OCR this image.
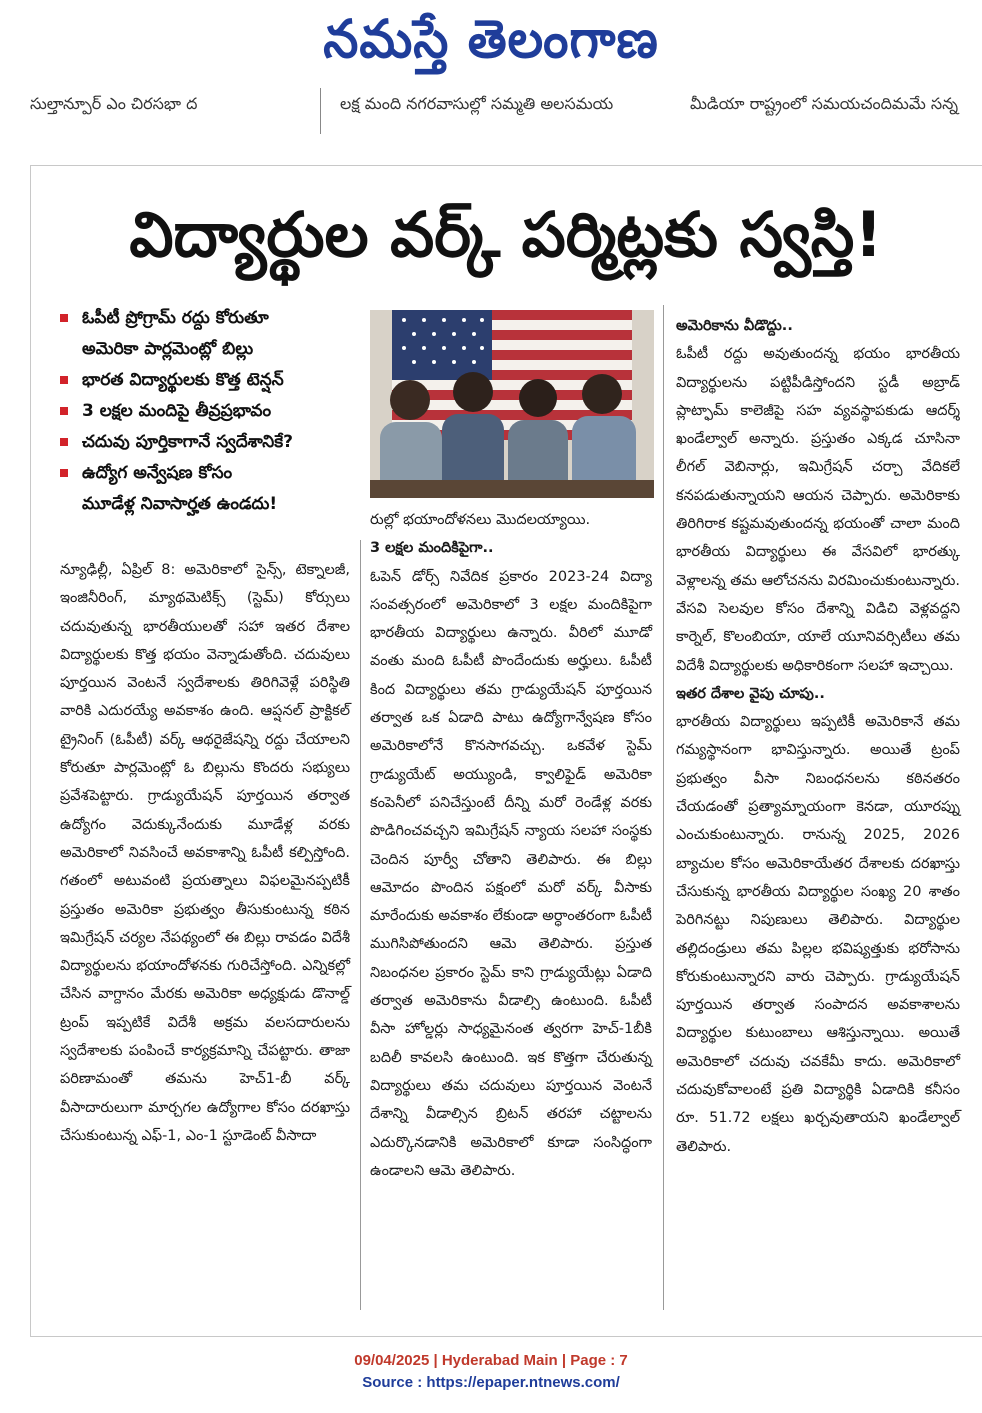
నమస్తే తెలంగాణ
సుల్తాన్పూర్ ఎం చిరసభా ద	లక్ష మంది నగరవాసుల్లో సమ్మతి అలసమయ	మీడియా రాష్ట్రంలో సమయచందిమమే సన్న
విద్యార్థుల వర్క్ పర్మిట్లకు స్వస్తి!
ఓపీటీ ప్రోగ్రామ్ రద్దు కోరుతూ
అమెరికా పార్లమెంట్లో బిల్లు
భారత విద్యార్థులకు కొత్త టెన్షన్
3 లక్షల మందిపై తీవ్రప్రభావం
చదువు పూర్తికాగానే స్వదేశానికే?
ఉద్యోగ అన్వేషణ కోసం
మూడేళ్ల నివాసార్హత ఉండదు!

న్యూఢిల్లీ, ఏప్రిల్ 8: అమెరికాలో సైన్స్, టెక్నాలజీ, ఇంజినీరింగ్, మ్యాథమెటిక్స్ (స్టెమ్) కోర్సులు చదువుతున్న భారతీయులతో సహా ఇతర దేశాల విద్యార్థులకు కొత్త భయం వెన్నాడుతోంది. చదువులు పూర్తయిన వెంటనే స్వదేశాలకు తిరిగివెళ్లే పరిస్థితి వారికి ఎదురయ్యే అవకాశం ఉంది. ఆప్షనల్ ప్రాక్టికల్ ట్రైనింగ్ (ఓపీటీ) వర్క్ ఆథరైజేషన్ని రద్దు చేయాలని కోరుతూ పార్లమెంట్లో ఓ బిల్లును కొందరు సభ్యులు ప్రవేశపెట్టారు. గ్రాడ్యుయేషన్ పూర్తయిన తర్వాత ఉద్యోగం వెదుక్కునేందుకు మూడేళ్ల వరకు అమెరికాలో నివసించే అవకాశాన్ని ఓపీటీ కల్పిస్తోంది. గతంలో అటువంటి ప్రయత్నాలు విఫలమైనప్పటికీ ప్రస్తుతం అమెరికా ప్రభుత్వం తీసుకుంటున్న కఠిన ఇమిగ్రేషన్ చర్యల నేపథ్యంలో ఈ బిల్లు రావడం విదేశీ విద్యార్థులను భయాందోళనకు గురిచేస్తోంది. ఎన్నికల్లో చేసిన వాగ్దానం మేరకు అమెరికా అధ్యక్షుడు డొనాల్డ్ ట్రంప్ ఇప్పటికే విదేశీ అక్రమ వలసదారులను స్వదేశాలకు పంపించే కార్యక్రమాన్ని చేపట్టారు. తాజా పరిణామంతో తమను హెచ్1-బీ వర్క్ వీసాదారులుగా మార్చగల ఉద్యోగాల కోసం దరఖాస్తు చేసుకుంటున్న ఎఫ్-1, ఎం-1 స్టూడెంట్ వీసాదా

రుల్లో భయాందోళనలు మొదలయ్యాయి.

3 లక్షల మందికిపైగా..

ఓపెన్ డోర్స్ నివేదిక ప్రకారం 2023-24 విద్యా సంవత్సరంలో అమెరికాలో 3 లక్షల మందికిపైగా భారతీయ విద్యార్థులు ఉన్నారు. వీరిలో మూడో వంతు మంది ఓపీటీ పొందేందుకు అర్హులు. ఓపీటీ కింద విద్యార్థులు తమ గ్రాడ్యుయేషన్ పూర్తయిన తర్వాత ఒక ఏడాది పాటు ఉద్యోగాన్వేషణ కోసం అమెరికాలోనే కొనసాగవచ్చు. ఒకవేళ స్టెమ్ గ్రాడ్యుయేట్ అయ్యుండి, క్వాలిఫైడ్ అమెరికా కంపెనీలో పనిచేస్తుంటే దీన్ని మరో రెండేళ్ల వరకు పొడిగించవచ్చని ఇమిగ్రేషన్ న్యాయ సలహా సంస్థకు చెందిన పూర్వీ చోతాని తెలిపారు. ఈ బిల్లు ఆమోదం పొందిన పక్షంలో మరో వర్క్ వీసాకు మారేందుకు అవకాశం లేకుండా అర్ధాంతరంగా ఓపీటీ ముగిసిపోతుందని ఆమె తెలిపారు. ప్రస్తుత నిబంధనల ప్రకారం స్టెమ్ కాని గ్రాడ్యుయేట్లు ఏడాది తర్వాత అమెరికాను వీడాల్సి ఉంటుంది. ఓపీటీ వీసా హోల్డర్లు సాధ్యమైనంత త్వరగా హెచ్-1బీకి బదిలీ కావలసి ఉంటుంది. ఇక కొత్తగా చేరుతున్న విద్యార్థులు తమ చదువులు పూర్తయిన వెంటనే దేశాన్ని వీడాల్సిన బ్రిటన్ తరహా చట్టాలను ఎదుర్కొనడానికి అమెరికాలో కూడా సంసిద్ధంగా ఉండాలని ఆమె తెలిపారు.

అమెరికాను వీడొద్దు..

ఓపీటీ రద్దు అవుతుందన్న భయం భారతీయ విద్యార్థులను పట్టిపీడిస్తోందని స్టడీ అబ్రాడ్ ప్లాట్ఫామ్ కాలెజీపై సహ వ్యవస్థాపకుడు ఆదర్శ్ ఖండేల్వాల్ అన్నారు. ప్రస్తుతం ఎక్కడ చూసినా లీగల్ వెబినార్లు, ఇమిగ్రేషన్ చర్చా వేదికలే కనపడుతున్నాయని ఆయన చెప్పారు. అమెరికాకు తిరిగిరాక కష్టమవుతుందన్న భయంతో చాలా మంది భారతీయ విద్యార్థులు ఈ వేసవిలో భారత్కు వెళ్లాలన్న తమ ఆలోచనను విరమించుకుంటున్నారు. వేసవి సెలవుల కోసం దేశాన్ని విడిచి వెళ్లవద్దని కార్నెల్, కొలంబియా, యాలే యూనివర్సిటీలు తమ విదేశీ విద్యార్థులకు అధికారికంగా సలహా ఇచ్చాయి.

ఇతర దేశాల వైపు చూపు..

భారతీయ విద్యార్థులు ఇప్పటికీ అమెరికానే తమ గమ్యస్థానంగా భావిస్తున్నారు. అయితే ట్రంప్ ప్రభుత్వం వీసా నిబంధనలను కఠినతరం చేయడంతో ప్రత్యామ్నాయంగా కెనడా, యూరప్ను ఎంచుకుంటున్నారు. రానున్న 2025, 2026 బ్యాచుల కోసం అమెరికాయేతర దేశాలకు దరఖాస్తు చేసుకున్న భారతీయ విద్యార్థుల సంఖ్య 20 శాతం పెరిగినట్టు నిపుణులు తెలిపారు. విద్యార్థుల తల్లిదండ్రులు తమ పిల్లల భవిష్యత్తుకు భరోసాను కోరుకుంటున్నారని వారు చెప్పారు. గ్రాడ్యుయేషన్ పూర్తయిన తర్వాత సంపాదన అవకాశాలను విద్యార్థుల కుటుంబాలు ఆశిస్తున్నాయి. అయితే అమెరికాలో చదువు చవకేమీ కాదు. అమెరికాలో చదువుకోవాలంటే ప్రతి విద్యార్థికి ఏడాదికి కనీసం రూ. 51.72 లక్షలు ఖర్చవుతాయని ఖండేల్వాల్ తెలిపారు.

09/04/2025 | Hyderabad Main | Page : 7
Source : https://epaper.ntnews.com/
